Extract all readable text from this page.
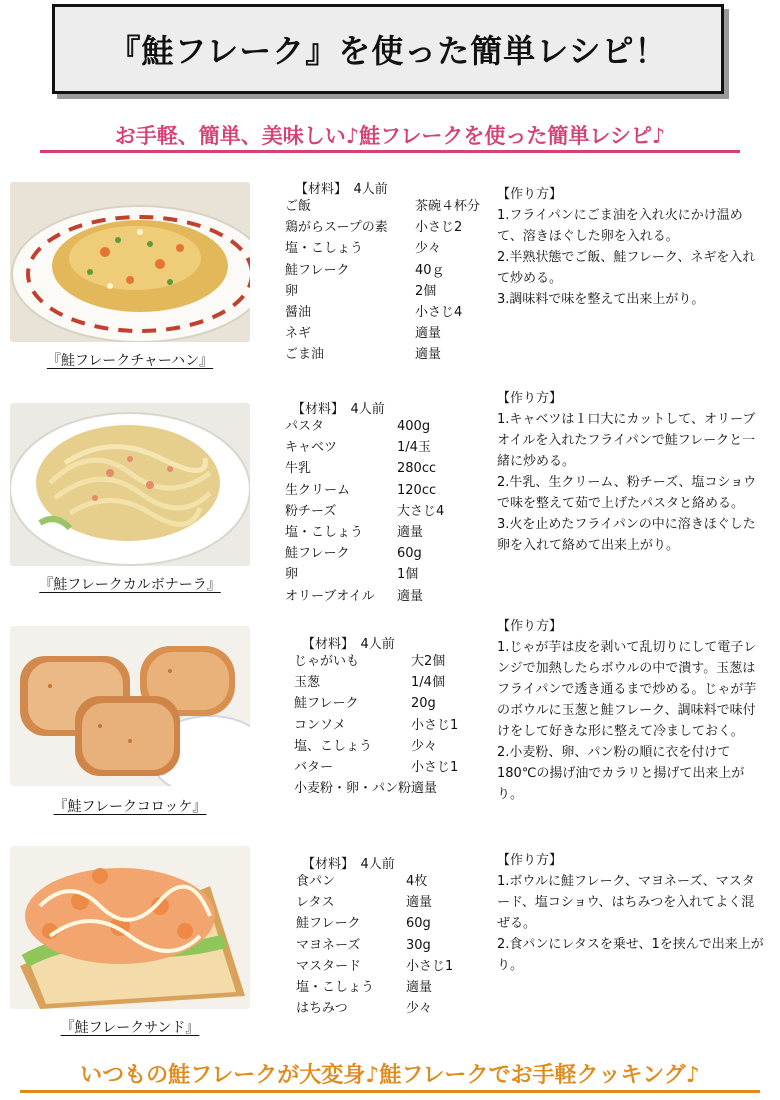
『鮭フレーク』を使った簡単レシピ！
お手軽、簡単、美味しい♪鮭フレークを使った簡単レシピ♪
『鮭フレークチャーハン』
【材料】　4人前
ご飯	茶碗４杯分
鶏がらスープの素	小さじ2
塩・こしょう	少々
鮭フレーク	40ｇ
卵	2個
醤油	小さじ4
ネギ	適量
ごま油	適量
【作り方】

1.フライパンにごま油を入れ火にかけ温めて、溶きほぐした卵を入れる。

2.半熟状態でご飯、鮭フレーク、ネギを入れて炒める。

3.調味料で味を整えて出来上がり。

『鮭フレークカルボナーラ』
【材料】　4人前
パスタ	400g
キャベツ	1/4玉
牛乳	280cc
生クリーム	120cc
粉チーズ	大さじ4
塩・こしょう	適量
鮭フレーク	60g
卵	1個
オリーブオイル	適量
【作り方】

1.キャベツは１口大にカットして、オリーブオイルを入れたフライパンで鮭フレークと一緒に炒める。

2.牛乳、生クリーム、粉チーズ、塩コショウで味を整えて茹で上げたパスタと絡める。

3.火を止めたフライパンの中に溶きほぐした卵を入れて絡めて出来上がり。

『鮭フレークコロッケ』
【材料】　4人前
じゃがいも	大2個
玉葱	1/4個
鮭フレーク	20g
コンソメ	小さじ1
塩、こしょう	少々
バター	小さじ1
小麦粉・卵・パン粉	適量
【作り方】

1.じゃが芋は皮を剥いて乱切りにして電子レンジで加熱したらボウルの中で潰す。玉葱はフライパンで透き通るまで炒める。じゃが芋のボウルに玉葱と鮭フレーク、調味料で味付けをして好きな形に整えて冷ましておく。

2.小麦粉、卵、パン粉の順に衣を付けて180℃の揚げ油でカラリと揚げて出来上がり。

『鮭フレークサンド』
【材料】　4人前
食パン	4枚
レタス	適量
鮭フレーク	60g
マヨネーズ	30g
マスタード	小さじ1
塩・こしょう	適量
はちみつ	少々
【作り方】

1.ボウルに鮭フレーク、マヨネーズ、マスタード、塩コショウ、はちみつを入れてよく混ぜる。

2.食パンにレタスを乗せ、1を挟んで出来上がり。

いつもの鮭フレークが大変身♪鮭フレークでお手軽クッキング♪
